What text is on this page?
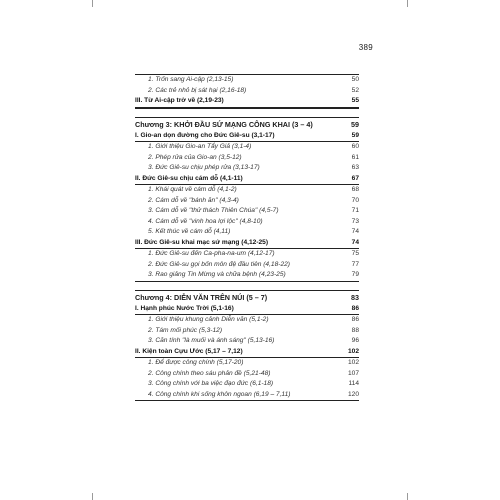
389
1. Trốn sang Ai-cập (2,13-15)	50
2. Các trẻ nhỏ bị sát hại (2,16-18)	52
III. Từ Ai-cập trở về (2,19-23)	55
Chương 3: KHỞI ĐẦU SỨ MẠNG CÔNG KHAI (3 – 4)	59
I. Gio-an dọn đường cho Đức Giê-su (3,1-17)	59
1. Giới thiệu Gio-an Tẩy Giả (3,1-4)	60
2. Phép rửa của Gio-an (3,5-12)	61
3. Đức Giê-su chịu phép rửa (3,13-17)	63
II. Đức Giê-su chịu cám dỗ (4,1-11)	67
1. Khái quát về cám dỗ (4,1-2)	68
2. Cám dỗ về "bánh ăn" (4,3-4)	70
3. Cám dỗ về "thử thách Thiên Chúa" (4,5-7)	71
4. Cám dỗ về "vinh hoa lợi lộc" (4,8-10)	73
5. Kết thúc về cám dỗ (4,11)	74
III. Đức Giê-su khai mạc sứ mạng (4,12-25)	74
1. Đức Giê-su đến Ca-pha-na-um (4,12-17)	75
2. Đức Giê-su gọi bốn môn đệ đầu tiên (4,18-22)	77
3. Rao giảng Tin Mừng và chữa bệnh (4,23-25)	79
Chương 4: DIỄN VĂN TRÊN NÚI (5 – 7)	83
I. Hạnh phúc Nước Trời (5,1-16)	86
1. Giới thiệu khung cảnh Diễn văn (5,1-2)	86
2. Tám mối phúc (5,3-12)	88
3. Căn tính "là muối và ánh sáng" (5,13-16)	96
II. Kiện toàn Cựu Ước (5,17 – 7,12)	102
1. Để được công chính (5,17-20)	102
2. Công chính theo sáu phản đề (5,21-48)	107
3. Công chính với ba việc đạo đức (6,1-18)	114
4. Công chính khi sống khôn ngoan (6,19 – 7,11)	120
